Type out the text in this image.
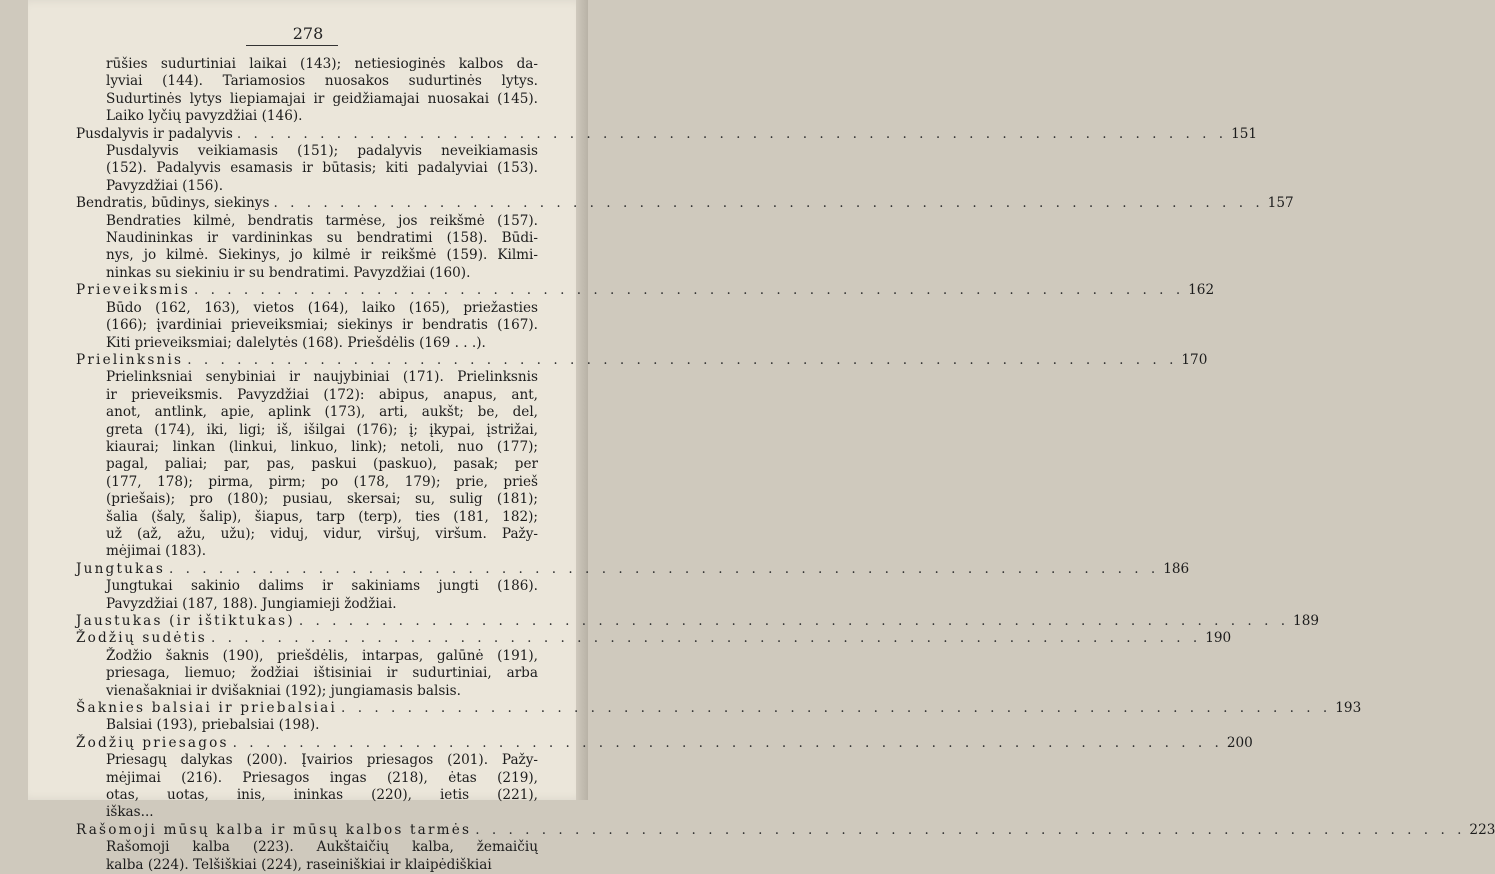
278
rūšies sudurtiniai laikai (143); netiesioginės kalbos da-
lyviai (144). Tariamosios nuosakos sudurtinės lytys.
Sudurtinės lytys liepiamajai ir geidžiamajai nuosakai (145).
Laiko lyčių pavyzdžiai (146).
Pusdalyvis ir padalyvis . . . . . . . . . . . . . . . . . . . . . . . . . . . . . . . . . . . . . . . . . . . . . . . . . . . . . . . . . . . . 151
Pusdalyvis veikiamasis (151); padalyvis neveikiamasis
(152). Padalyvis esamasis ir būtasis; kiti padalyviai (153).
Pavyzdžiai (156).
Bendratis, būdinys, siekinys . . . . . . . . . . . . . . . . . . . . . . . . . . . . . . . . . . . . . . . . . . . . . . . . . . . . . . . . . . . . 157
Bendraties kilmė, bendratis tarmėse, jos reikšmė (157).
Naudininkas ir vardininkas su bendratimi (158). Būdi-
nys, jo kilmė. Siekinys, jo kilmė ir reikšmė (159). Kilmi-
ninkas su siekiniu ir su bendratimi. Pavyzdžiai (160).
Prieveiksmis . . . . . . . . . . . . . . . . . . . . . . . . . . . . . . . . . . . . . . . . . . . . . . . . . . . . . . . . . . . . 162
Būdo (162, 163), vietos (164), laiko (165), priežasties
(166); įvardiniai prieveiksmiai; siekinys ir bendratis (167).
Kiti prieveiksmiai; dalelytės (168). Priešdėlis (169 . . .).
Prielinksnis . . . . . . . . . . . . . . . . . . . . . . . . . . . . . . . . . . . . . . . . . . . . . . . . . . . . . . . . . . . . 170
Prielinksniai senybiniai ir naujybiniai (171). Prielinksnis
ir prieveiksmis. Pavyzdžiai (172): abipus, anapus, ant,
anot, antlink, apie, aplink (173), arti, aukšt; be, del,
greta (174), iki, ligi; iš, išilgai (176); į; įkypai, įstrižai,
kiaurai; linkan (linkui, linkuo, link); netoli, nuo (177);
pagal, paliai; par, pas, paskui (paskuo), pasak; per
(177, 178); pirma, pirm; po (178, 179); prie, prieš
(priešais); pro (180); pusiau, skersai; su, sulig (181);
šalia (šaly, šalip), šiapus, tarp (terp), ties (181, 182);
už (až, ažu, užu); viduj, vidur, viršuj, viršum. Pažy-
mėjimai (183).
Jungtukas . . . . . . . . . . . . . . . . . . . . . . . . . . . . . . . . . . . . . . . . . . . . . . . . . . . . . . . . . . . . 186
Jungtukai sakinio dalims ir sakiniams jungti (186).
Pavyzdžiai (187, 188). Jungiamieji žodžiai.
Jaustukas (ir ištiktukas) . . . . . . . . . . . . . . . . . . . . . . . . . . . . . . . . . . . . . . . . . . . . . . . . . . . . . . . . . . . . 189
Žodžių sudėtis . . . . . . . . . . . . . . . . . . . . . . . . . . . . . . . . . . . . . . . . . . . . . . . . . . . . . . . . . . . . 190
Žodžio šaknis (190), priešdėlis, intarpas, galūnė (191),
priesaga, liemuo; žodžiai ištisiniai ir sudurtiniai, arba
vienašakniai ir dvišakniai (192); jungiamasis balsis.
Šaknies balsiai ir priebalsiai . . . . . . . . . . . . . . . . . . . . . . . . . . . . . . . . . . . . . . . . . . . . . . . . . . . . . . . . . . . . 193
Balsiai (193), priebalsiai (198).
Žodžių priesagos . . . . . . . . . . . . . . . . . . . . . . . . . . . . . . . . . . . . . . . . . . . . . . . . . . . . . . . . . . . . 200
Priesagų dalykas (200). Įvairios priesagos (201). Pažy-
mėjimai (216). Priesagos ingas (218), ėtas (219),
otas, uotas, inis, ininkas (220), ietis (221),
iškas...
Rašomoji mūsų kalba ir mūsų kalbos tarmės . . . . . . . . . . . . . . . . . . . . . . . . . . . . . . . . . . . . . . . . . . . . . . . . . . . . . . . . . . . . 223
Rašomoji kalba (223). Aukštaičių kalba, žemaičių
kalba (224). Telšiškiai (224), raseiniškiai ir klaipėdiškiai
